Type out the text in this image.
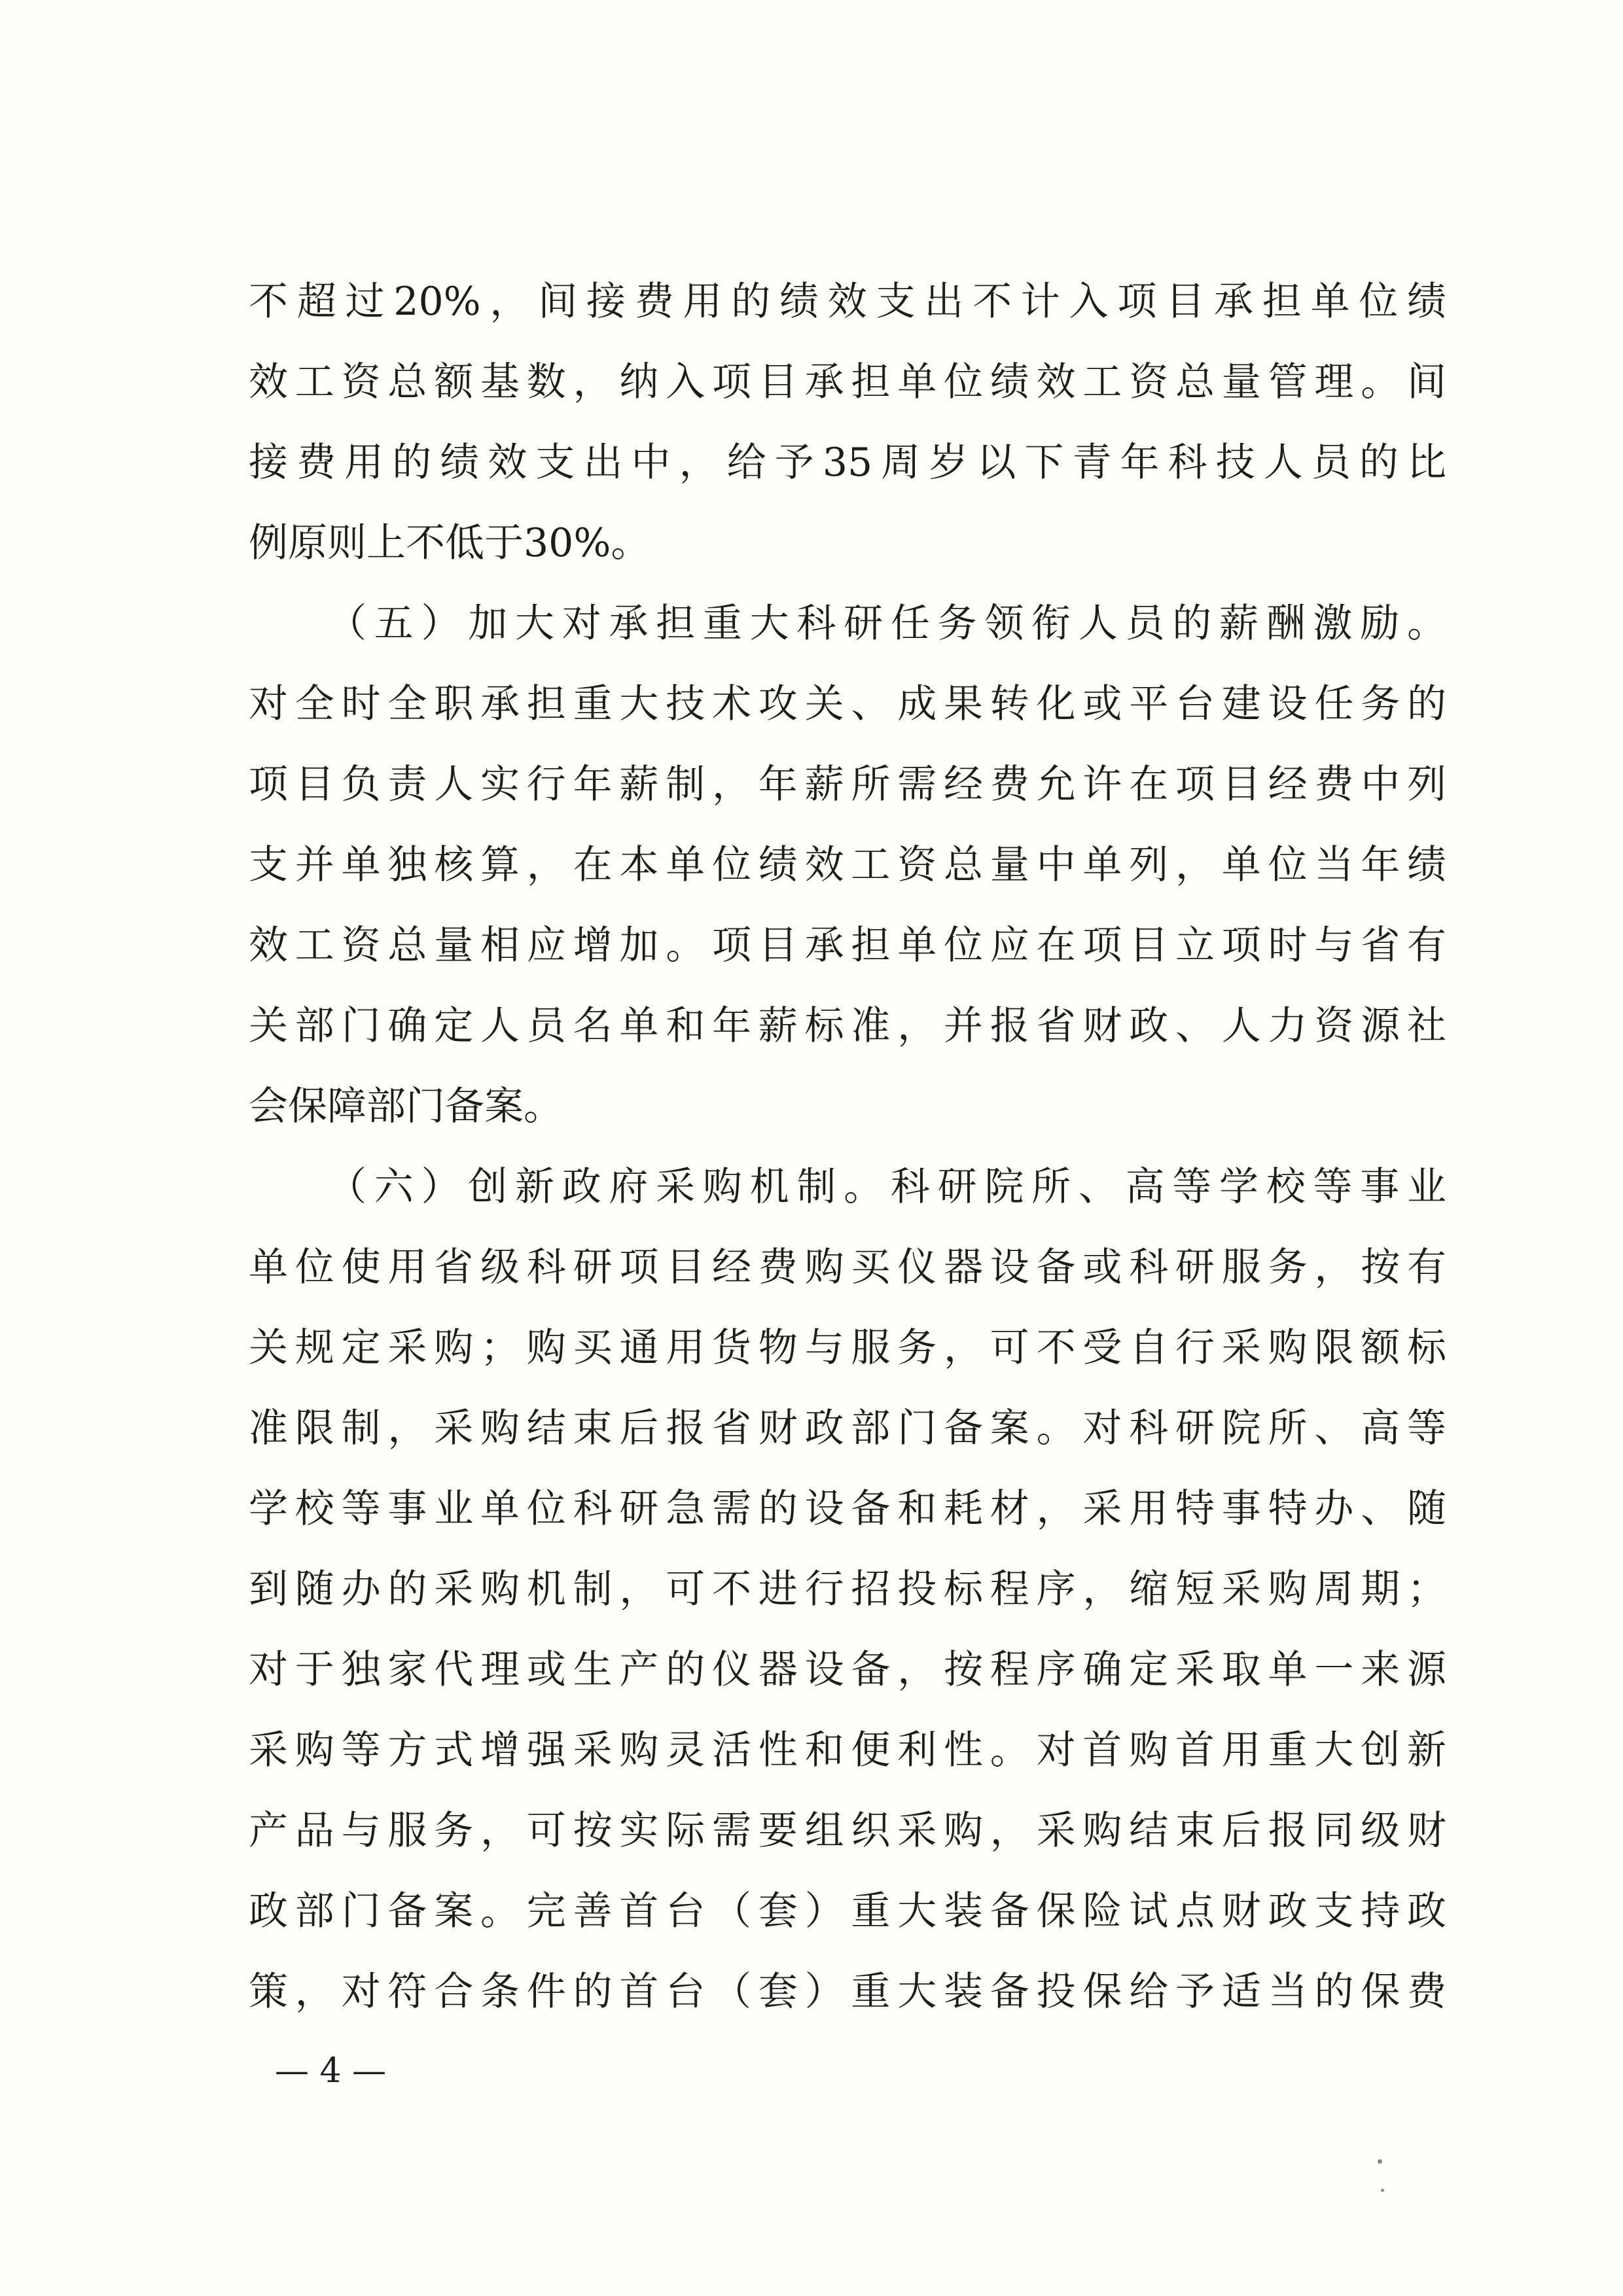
不超过20%，间接费用的绩效支出不计入项目承担单位绩
效工资总额基数，纳入项目承担单位绩效工资总量管理。间
接费用的绩效支出中，给予35周岁以下青年科技人员的比
例原则上不低于30%。
（五）加大对承担重大科研任务领衔人员的薪酬激励。
对全时全职承担重大技术攻关、成果转化或平台建设任务的
项目负责人实行年薪制，年薪所需经费允许在项目经费中列
支并单独核算，在本单位绩效工资总量中单列，单位当年绩
效工资总量相应增加。项目承担单位应在项目立项时与省有
关部门确定人员名单和年薪标准，并报省财政、人力资源社
会保障部门备案。
（六）创新政府采购机制。科研院所、高等学校等事业
单位使用省级科研项目经费购买仪器设备或科研服务，按有
关规定采购；购买通用货物与服务，可不受自行采购限额标
准限制，采购结束后报省财政部门备案。对科研院所、高等
学校等事业单位科研急需的设备和耗材，采用特事特办、随
到随办的采购机制，可不进行招投标程序，缩短采购周期；
对于独家代理或生产的仪器设备，按程序确定采取单一来源
采购等方式增强采购灵活性和便利性。对首购首用重大创新
产品与服务，可按实际需要组织采购，采购结束后报同级财
政部门备案。完善首台（套）重大装备保险试点财政支持政
策，对符合条件的首台（套）重大装备投保给予适当的保费
— 4 —
